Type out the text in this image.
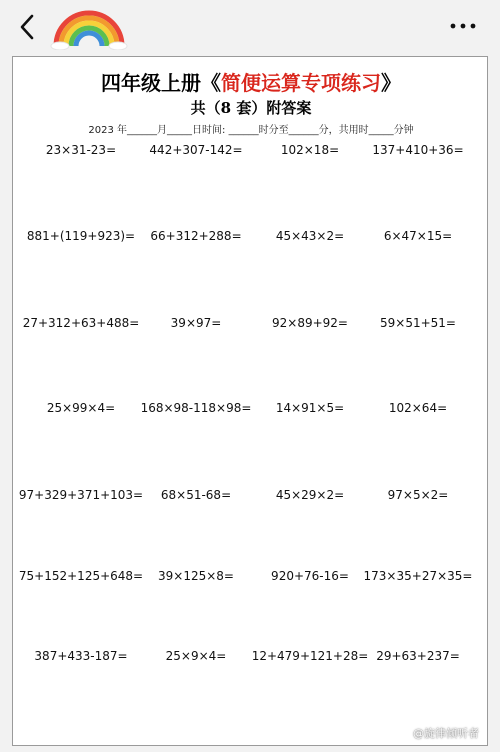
四年级上册《简便运算专项练习》
共（8 套）附答案
2023 年______月_____日时间: ______时分至______分，共用时_____分钟
23×31-23=	442+307-142=	102×18=	137+410+36=
881+(119+923)= 66+312+288=	45×43×2=	6×47×15=
27+312+63+488=	39×97=	92×89+92=	59×51+51=
25×99×4= 168×98-118×98= 14×91×5=	102×64=
97+329+371+103= 68×51-68=	45×29×2=	97×5×2=
75+152+125+648= 39×125×8=	920+76-16= 173×35+27×35=
387+433-187=	25×9×4= 12+479+121+28= 29+63+237=
@旋律倾听者
